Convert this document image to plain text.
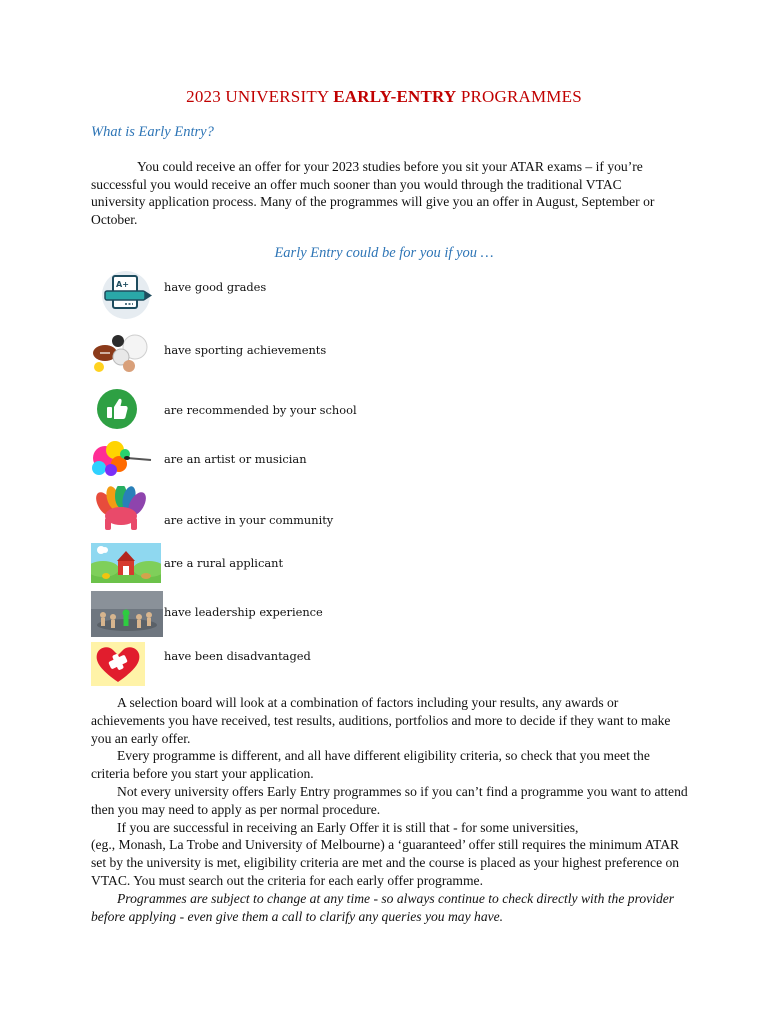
2023 UNIVERSITY EARLY-ENTRY PROGRAMMES
What is Early Entry?
You could receive an offer for your 2023 studies before you sit your ATAR exams – if you’re successful you would receive an offer much sooner than you would through the traditional VTAC university application process. Many of the programmes will give you an offer in August, September or October.
Early Entry could be for you if you …
A+	have good grades
have sporting achievements
are recommended by your school
are an artist or musician
are active in your community
are a rural applicant
have leadership experience
have been disadvantaged

A selection board will look at a combination of factors including your results, any awards or achievements you have received, test results, auditions, portfolios and more to decide if they want to make you an early offer.

Every programme is different, and all have different eligibility criteria, so check that you meet the criteria before you start your application.

Not every university offers Early Entry programmes so if you can’t find a programme you want to attend then you may need to apply as per normal procedure.

If you are successful in receiving an Early Offer it is still that - for some universities,
(eg., Monash, La Trobe and University of Melbourne) a ‘guaranteed’ offer still requires the minimum ATAR set by the university is met, eligibility criteria are met and the course is placed as your highest preference on VTAC. You must search out the criteria for each early offer programme.

Programmes are subject to change at any time - so always continue to check directly with the provider before applying - even give them a call to clarify any queries you may have.
